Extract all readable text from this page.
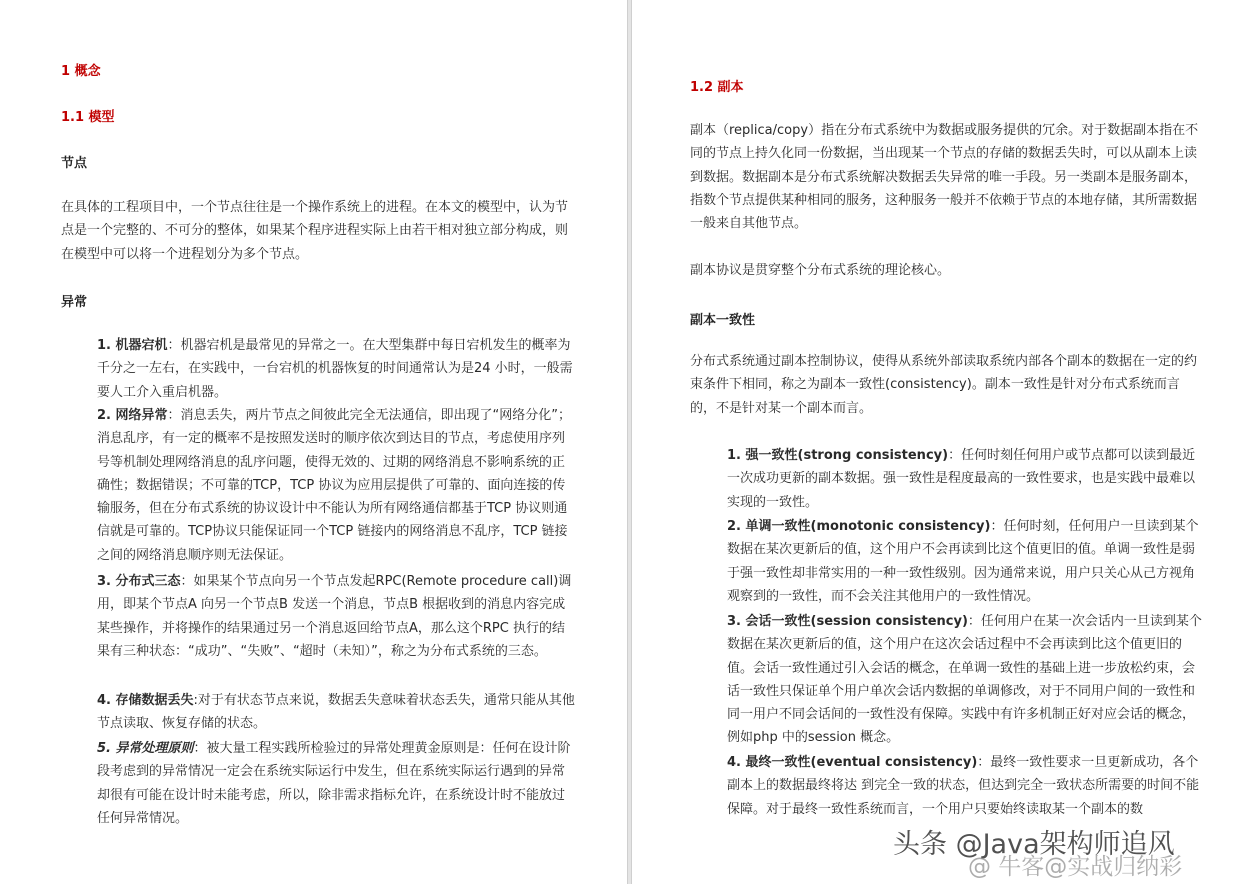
1 概念
1.1 模型
节点

在具体的工程项目中，一个节点往往是一个操作系统上的进程。在本文的模型中，认为节点是一个完整的、不可分的整体，如果某个程序进程实际上由若干相对独立部分构成，则在模型中可以将一个进程划分为多个节点。

异常

1. 机器宕机：机器宕机是最常见的异常之一。在大型集群中每日宕机发生的概率为千分之一左右，在实践中，一台宕机的机器恢复的时间通常认为是24 小时，一般需要人工介入重启机器。

2. 网络异常：消息丢失，两片节点之间彼此完全无法通信，即出现了“网络分化”；消息乱序，有一定的概率不是按照发送时的顺序依次到达目的节点，考虑使用序列号等机制处理网络消息的乱序问题，使得无效的、过期的网络消息不影响系统的正确性；数据错误；不可靠的TCP，TCP 协议为应用层提供了可靠的、面向连接的传输服务，但在分布式系统的协议设计中不能认为所有网络通信都基于TCP 协议则通信就是可靠的。TCP协议只能保证同一个TCP 链接内的网络消息不乱序，TCP 链接之间的网络消息顺序则无法保证。

3. 分布式三态：如果某个节点向另一个节点发起RPC(Remote procedure call)调用，即某个节点A 向另一个节点B 发送一个消息，节点B 根据收到的消息内容完成某些操作，并将操作的结果通过另一个消息返回给节点A，那么这个RPC 执行的结果有三种状态：“成功”、“失败”、“超时（未知）”，称之为分布式系统的三态。

4. 存储数据丢失:对于有状态节点来说，数据丢失意味着状态丢失，通常只能从其他节点读取、恢复存储的状态。

5. 异常处理原则：被大量工程实践所检验过的异常处理黄金原则是：任何在设计阶段考虑到的异常情况一定会在系统实际运行中发生，但在系统实际运行遇到的异常却很有可能在设计时未能考虑，所以，除非需求指标允许，在系统设计时不能放过任何异常情况。

1.2 副本

副本（replica/copy）指在分布式系统中为数据或服务提供的冗余。对于数据副本指在不同的节点上持久化同一份数据，当出现某一个节点的存储的数据丢失时，可以从副本上读到数据。数据副本是分布式系统解决数据丢失异常的唯一手段。另一类副本是服务副本，指数个节点提供某种相同的服务，这种服务一般并不依赖于节点的本地存储，其所需数据一般来自其他节点。

副本协议是贯穿整个分布式系统的理论核心。

副本一致性

分布式系统通过副本控制协议，使得从系统外部读取系统内部各个副本的数据在一定的约束条件下相同，称之为副本一致性(consistency)。副本一致性是针对分布式系统而言的，不是针对某一个副本而言。

1. 强一致性(strong consistency)：任何时刻任何用户或节点都可以读到最近一次成功更新的副本数据。强一致性是程度最高的一致性要求，也是实践中最难以实现的一致性。

2. 单调一致性(monotonic consistency)：任何时刻，任何用户一旦读到某个数据在某次更新后的值，这个用户不会再读到比这个值更旧的值。单调一致性是弱于强一致性却非常实用的一种一致性级别。因为通常来说，用户只关心从己方视角观察到的一致性，而不会关注其他用户的一致性情况。

3. 会话一致性(session consistency)：任何用户在某一次会话内一旦读到某个数据在某次更新后的值，这个用户在这次会话过程中不会再读到比这个值更旧的值。会话一致性通过引入会话的概念，在单调一致性的基础上进一步放松约束，会话一致性只保证单个用户单次会话内数据的单调修改，对于不同用户间的一致性和同一用户不同会话间的一致性没有保障。实践中有许多机制正好对应会话的概念，例如php 中的session 概念。

4. 最终一致性(eventual consistency)：最终一致性要求一旦更新成功，各个副本上的数据最终将达 到完全一致的状态，但达到完全一致状态所需要的时间不能保障。对于最终一致性系统而言，一个用户只要始终读取某一个副本的数

头条 @Java架构师追风
@ 牛客@实战归纳彩
